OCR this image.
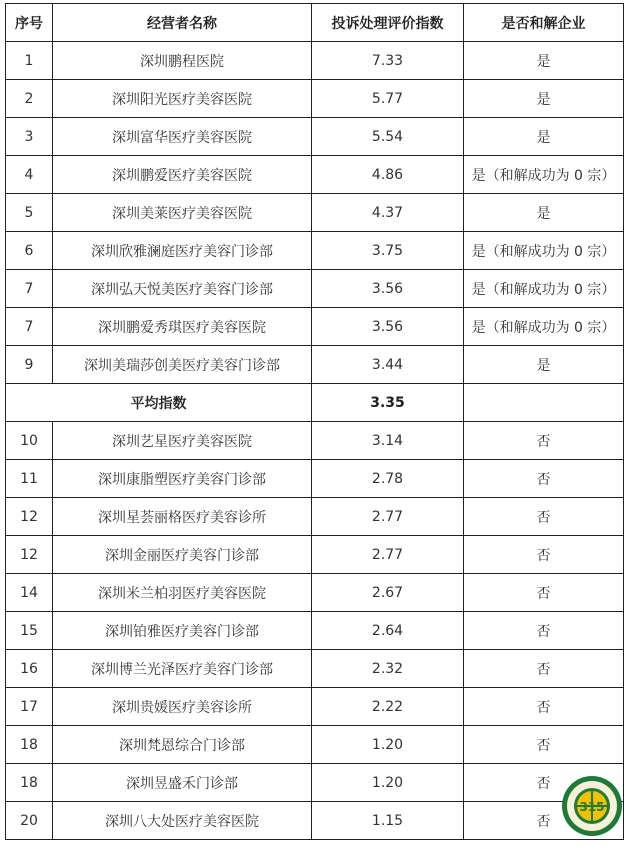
序号	经营者名称	投诉处理评价指数	是否和解企业
1	深圳鹏程医院	7.33	是
2	深圳阳光医疗美容医院	5.77	是
3	深圳富华医疗美容医院	5.54	是
4	深圳鹏爱医疗美容医院	4.86	是（和解成功为 0 宗）
5	深圳美莱医疗美容医院	4.37	是
6	深圳欣雅澜庭医疗美容门诊部	3.75	是（和解成功为 0 宗）
7	深圳弘天悦美医疗美容门诊部	3.56	是（和解成功为 0 宗）
7	深圳鹏爱秀琪医疗美容医院	3.56	是（和解成功为 0 宗）
9	深圳美瑞莎创美医疗美容门诊部	3.44	是
平均指数		3.35	
10	深圳艺星医疗美容医院	3.14	否
11	深圳康脂塑医疗美容门诊部	2.78	否
12	深圳星荟丽格医疗美容诊所	2.77	否
12	深圳金丽医疗美容门诊部	2.77	否
14	深圳米兰柏羽医疗美容医院	2.67	否
15	深圳铂雅医疗美容门诊部	2.64	否
16	深圳博兰光泽医疗美容门诊部	2.32	否
17	深圳贵媛医疗美容诊所	2.22	否
18	深圳梵恩综合门诊部	1.20	否
18	深圳昱盛禾门诊部	1.20	否
20	深圳八大处医疗美容医院	1.15	否
315
